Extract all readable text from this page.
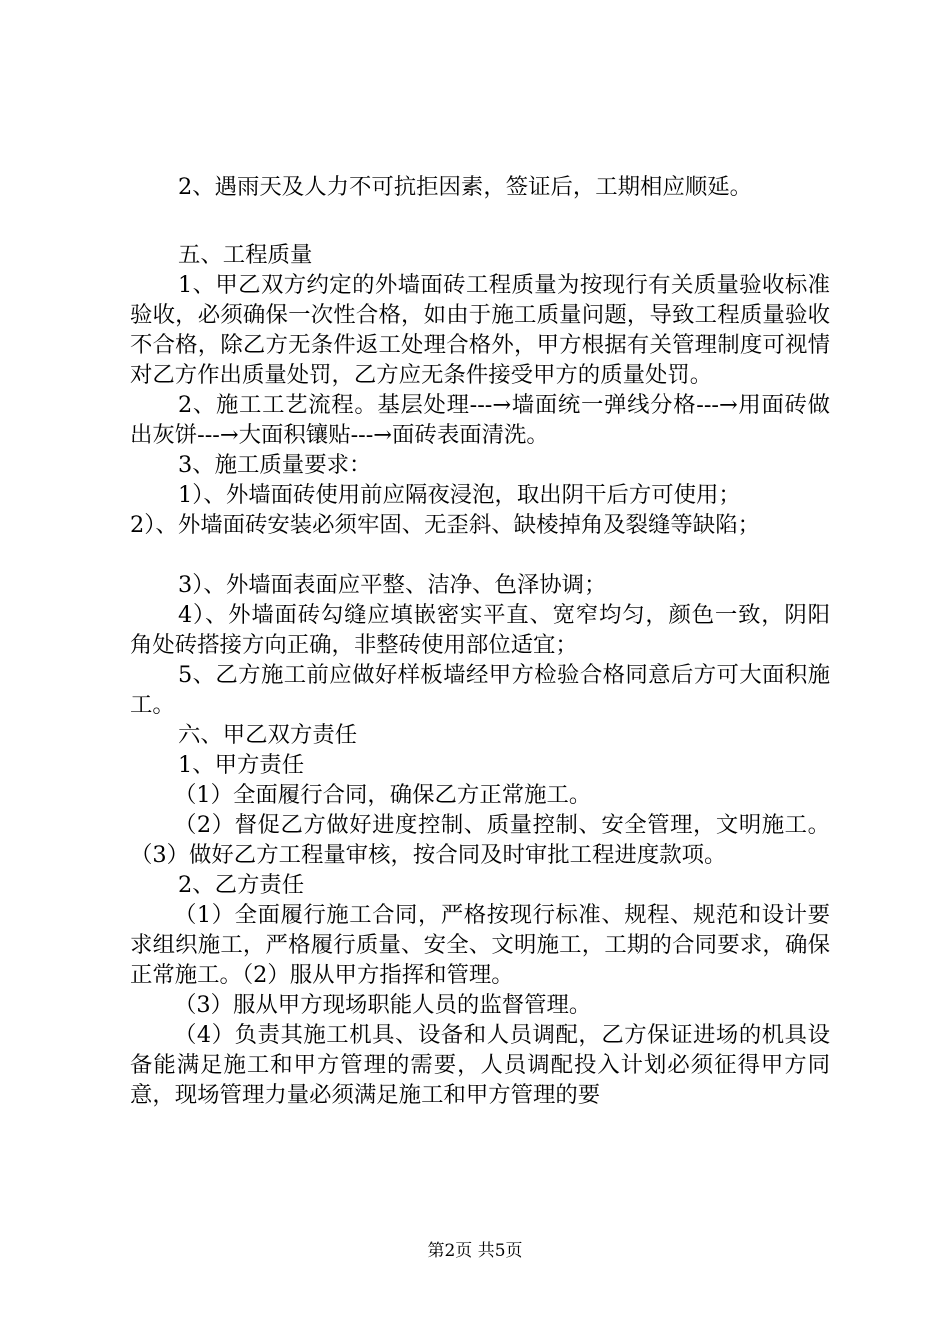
2、遇雨天及人力不可抗拒因素，签证后，工期相应顺延。

五、工程质量

1、甲乙双方约定的外墙面砖工程质量为按现行有关质量验收标准验收，必须确保一次性合格，如由于施工质量问题，导致工程质量验收不合格，除乙方无条件返工处理合格外，甲方根据有关管理制度可视情对乙方作出质量处罚，乙方应无条件接受甲方的质量处罚。

2、施工工艺流程。基层处理---→墙面统一弹线分格---→用面砖做出灰饼---→大面积镶贴---→面砖表面清洗。

3、施工质量要求：

1）、外墙面砖使用前应隔夜浸泡，取出阴干后方可使用；

2）、外墙面砖安装必须牢固、无歪斜、缺棱掉角及裂缝等缺陷；

3）、外墙面表面应平整、洁净、色泽协调；

4）、外墙面砖勾缝应填嵌密实平直、宽窄均匀，颜色一致，阴阳角处砖搭接方向正确，非整砖使用部位适宜；

5、乙方施工前应做好样板墙经甲方检验合格同意后方可大面积施工。

六、甲乙双方责任

1、甲方责任

（1）全面履行合同，确保乙方正常施工。

（2）督促乙方做好进度控制、质量控制、安全管理，文明施工。（3）做好乙方工程量审核，按合同及时审批工程进度款项。

2、乙方责任

（1）全面履行施工合同，严格按现行标准、规程、规范和设计要求组织施工，严格履行质量、安全、文明施工，工期的合同要求，确保正常施工。（2）服从甲方指挥和管理。

（3）服从甲方现场职能人员的监督管理。

（4）负责其施工机具、设备和人员调配，乙方保证进场的机具设备能满足施工和甲方管理的需要，人员调配投入计划必须征得甲方同意，现场管理力量必须满足施工和甲方管理的要

第2页 共5页
